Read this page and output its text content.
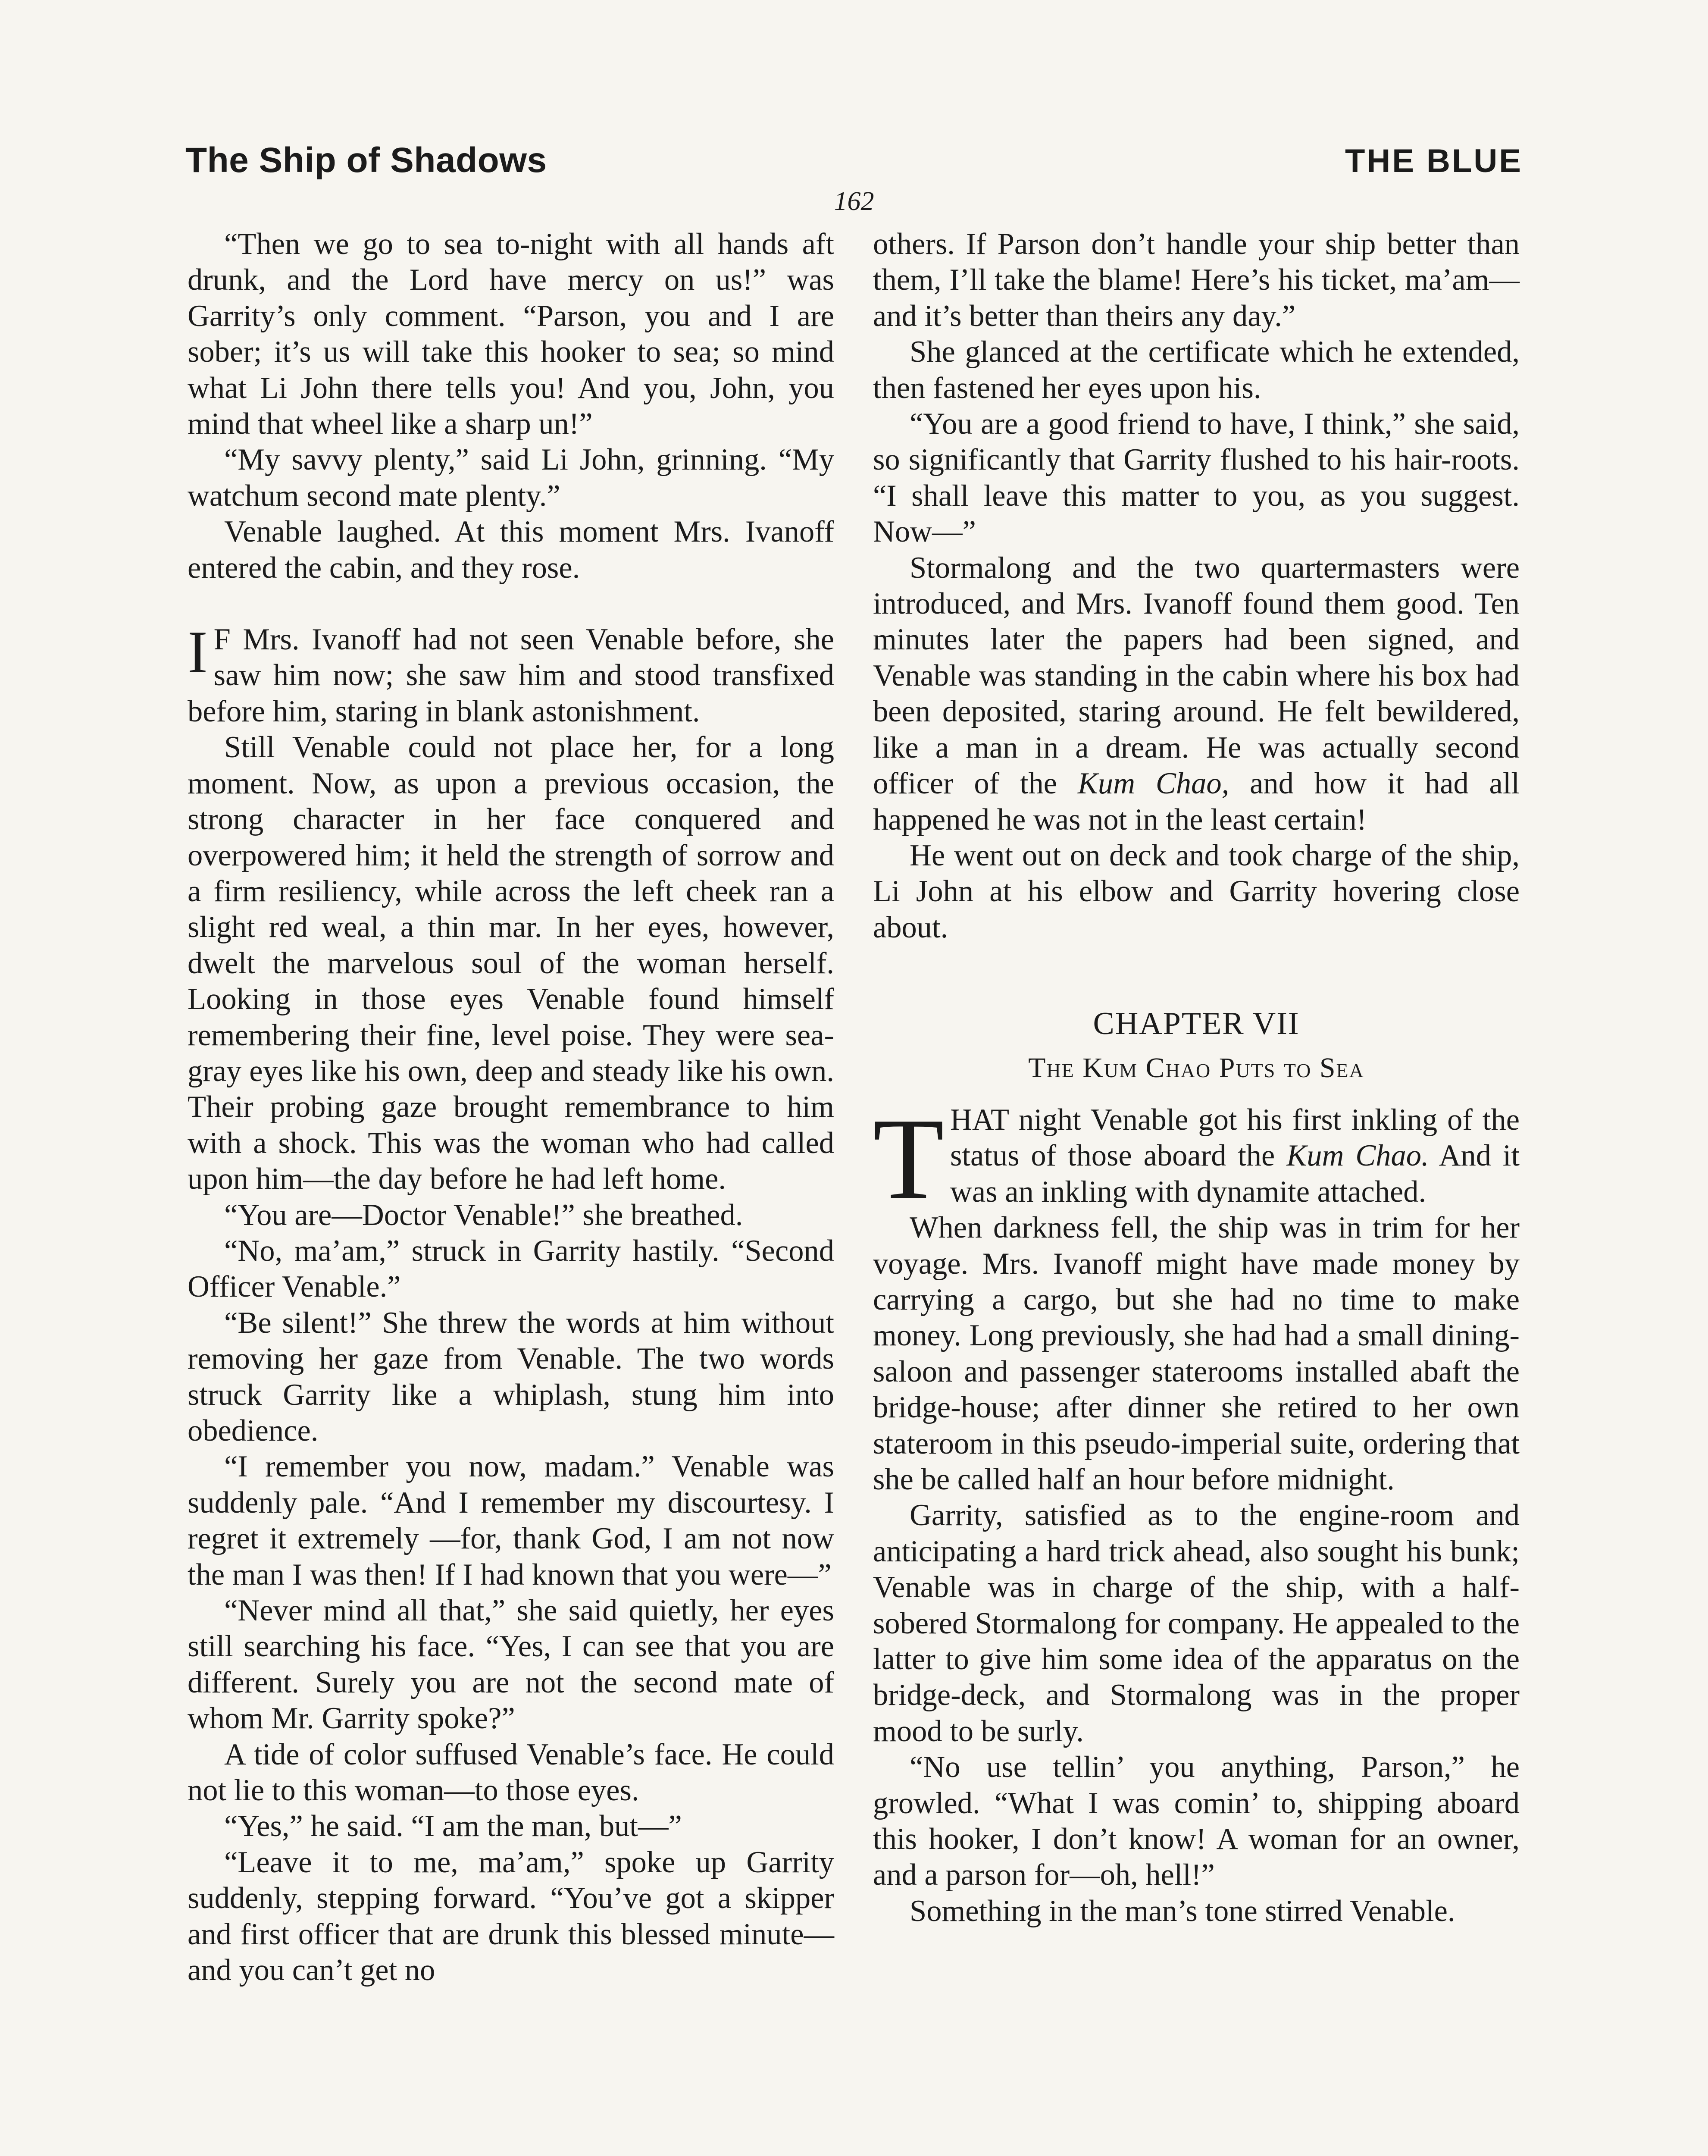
The Ship of Shadows	THE BLUE
162

“Then we go to sea to-night with all hands aft drunk, and the Lord have mercy on us!” was Garrity’s only comment. “Parson, you and I are sober; it’s us will take this hooker to sea; so mind what Li John there tells you! And you, John, you mind that wheel like a sharp un!”

“My savvy plenty,” said Li John, grinning. “My watchum second mate plenty.”

Venable laughed. At this moment Mrs. Ivanoff entered the cabin, and they rose.

I F Mrs. Ivanoff had not seen Venable before, she saw him now; she saw him and stood transfixed before him, staring in blank astonishment.

Still Venable could not place her, for a long moment. Now, as upon a previous occasion, the strong character in her face conquered and overpowered him; it held the strength of sorrow and a firm resiliency, while across the left cheek ran a slight red weal, a thin mar. In her eyes, however, dwelt the marvelous soul of the woman herself. Looking in those eyes Venable found himself remembering their fine, level poise. They were sea-gray eyes like his own, deep and steady like his own. Their probing gaze brought remembrance to him with a shock. This was the woman who had called upon him—the day before he had left home.

“You are—Doctor Venable!” she breathed.

“No, ma’am,” struck in Garrity hastily. “Second Officer Venable.”

“Be silent!” She threw the words at him without removing her gaze from Venable. The two words struck Garrity like a whiplash, stung him into obedience.

“I remember you now, madam.” Venable was suddenly pale. “And I remember my discourtesy. I regret it extremely —for, thank God, I am not now the man I was then! If I had known that you were—”

“Never mind all that,” she said quietly, her eyes still searching his face. “Yes, I can see that you are different. Surely you are not the second mate of whom Mr. Garrity spoke?”

A tide of color suffused Venable’s face. He could not lie to this woman—to those eyes.

“Yes,” he said. “I am the man, but—”

“Leave it to me, ma’am,” spoke up Garrity suddenly, stepping forward. “You’ve got a skipper and first officer that are drunk this blessed minute—and you can’t get no

others. If Parson don’t handle your ship better than them, I’ll take the blame! Here’s his ticket, ma’am—and it’s better than theirs any day.”

She glanced at the certificate which he extended, then fastened her eyes upon his.

“You are a good friend to have, I think,” she said, so significantly that Garrity flushed to his hair-roots. “I shall leave this matter to you, as you suggest. Now—”

Stormalong and the two quartermasters were introduced, and Mrs. Ivanoff found them good. Ten minutes later the papers had been signed, and Venable was standing in the cabin where his box had been deposited, staring around. He felt bewildered, like a man in a dream. He was actually second officer of the Kum Chao, and how it had all happened he was not in the least certain!

He went out on deck and took charge of the ship, Li John at his elbow and Garrity hovering close about.

CHAPTER VII
The Kum Chao Puts to Sea

THAT night Venable got his first inkling of the status of those aboard the Kum Chao. And it was an inkling with dynamite attached.

When darkness fell, the ship was in trim for her voyage. Mrs. Ivanoff might have made money by carrying a cargo, but she had no time to make money. Long previously, she had had a small dining-saloon and passenger staterooms installed abaft the bridge-house; after dinner she retired to her own stateroom in this pseudo-imperial suite, ordering that she be called half an hour before midnight.

Garrity, satisfied as to the engine-room and anticipating a hard trick ahead, also sought his bunk; Venable was in charge of the ship, with a half-sobered Stormalong for company. He appealed to the latter to give him some idea of the apparatus on the bridge-deck, and Stormalong was in the proper mood to be surly.

“No use tellin’ you anything, Parson,” he growled. “What I was comin’ to, shipping aboard this hooker, I don’t know! A woman for an owner, and a parson for—oh, hell!”

Something in the man’s tone stirred Venable.
